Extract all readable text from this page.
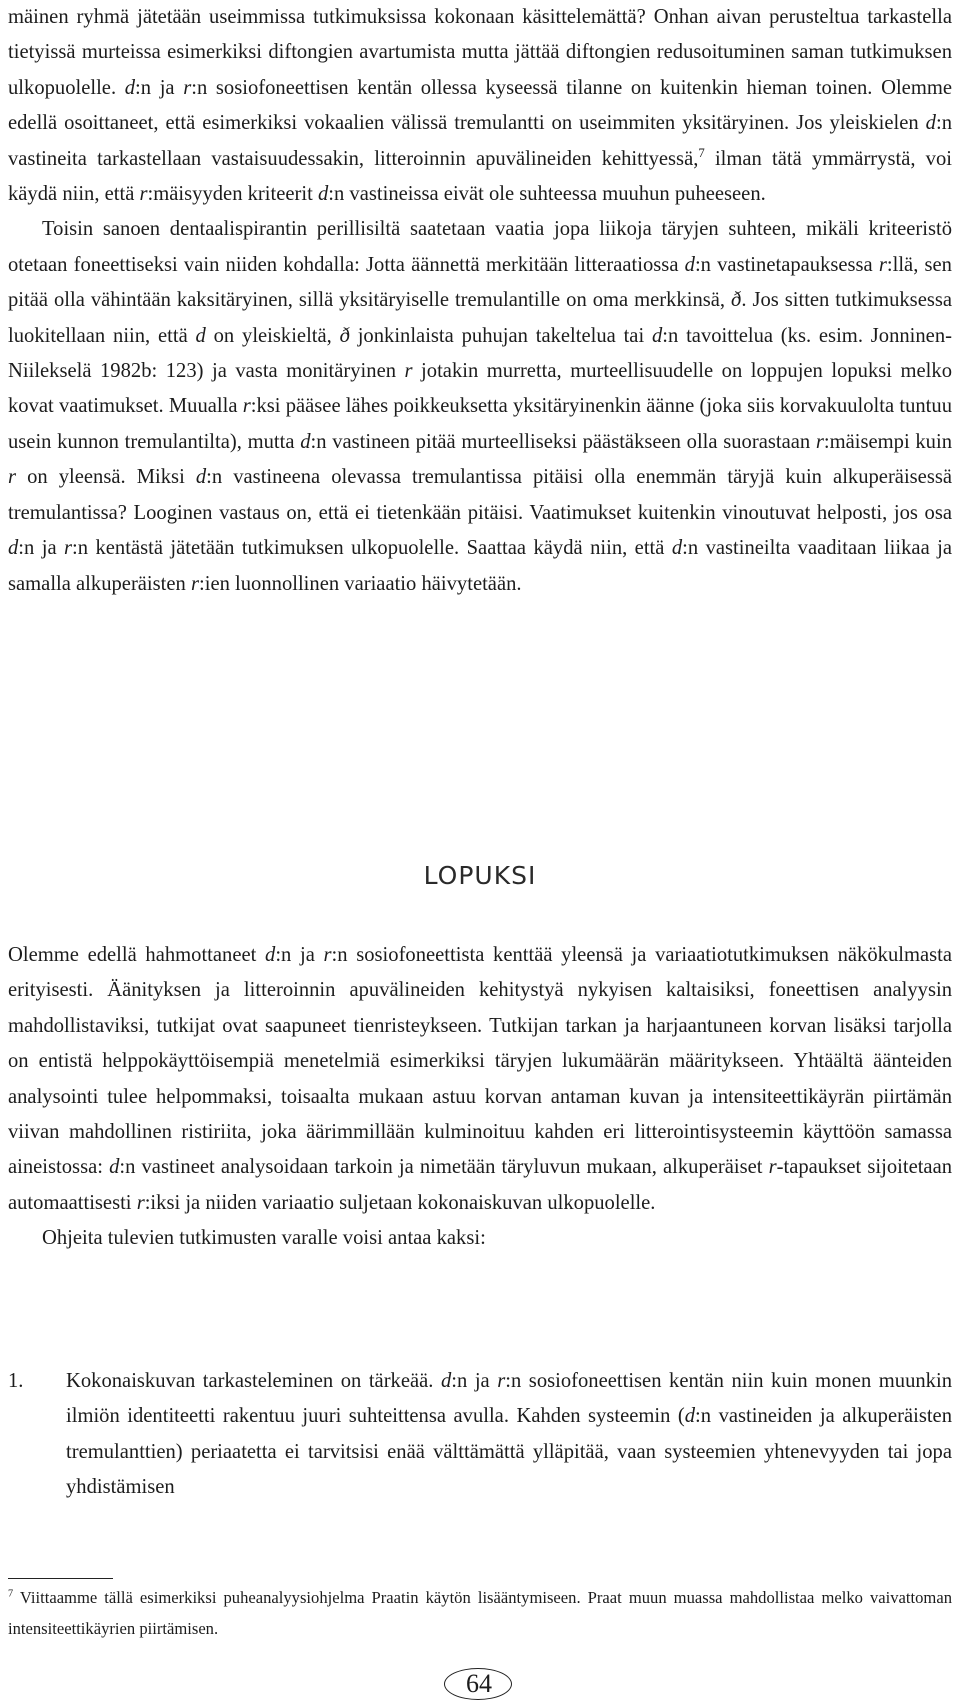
mäinen ryhmä jätetään useimmissa tutkimuksissa kokonaan käsittelemättä? Onhan aivan perusteltua tarkastella tietyissä murteissa esimerkiksi diftongien avartumista mutta jättää diftongien redusoituminen saman tutkimuksen ulkopuolelle. d:n ja r:n sosiofoneettisen kentän ollessa kyseessä tilanne on kuitenkin hieman toinen. Olemme edellä osoittaneet, että esimerkiksi vokaalien välissä tremulantti on useimmiten yksitäryinen. Jos yleiskielen d:n vastineita tarkastellaan vastaisuudessakin, litteroinnin apuvälineiden kehittyessä,$^7$ ilman tätä ymmärrystä, voi käydä niin, että r:mäisyyden kriteerit d:n vastineissa eivät ole suhteessa muuhun puheeseen.

Toisin sanoen dentaalispirantin perillisiltä saatetaan vaatia jopa liikoja täryjen suhteen, mikäli kriteeristö otetaan foneettiseksi vain niiden kohdalla: Jotta äännettä merkitään litteraatiossa d:n vastinetapauksessa r:llä, sen pitää olla vähintään kaksitäryinen, sillä yksitäryiselle tremulantille on oma merkkinsä, ð. Jos sitten tutkimuksessa luokitellaan niin, että d on yleiskieltä, ð jonkinlaista puhujan takeltelua tai d:n tavoittelua (ks. esim. Jonninen-Niilekselä 1982b: 123) ja vasta monitäryinen r jotakin murretta, murteellisuudelle on loppujen lopuksi melko kovat vaatimukset. Muualla r:ksi pääsee lähes poikkeuksetta yksitäryinenkin äänne (joka siis korvakuulolta tuntuu usein kunnon tremulantilta), mutta d:n vastineen pitää murteelliseksi päästäkseen olla suorastaan r:mäisempi kuin r on yleensä. Miksi d:n vastineena olevassa tremulantissa pitäisi olla enemmän täryjä kuin alkuperäisessä tremulantissa? Looginen vastaus on, että ei tietenkään pitäisi. Vaatimukset kuitenkin vinoutuvat helposti, jos osa d:n ja r:n kentästä jätetään tutkimuksen ulkopuolelle. Saattaa käydä niin, että d:n vastineilta vaaditaan liikaa ja samalla alkuperäisten r:ien luonnollinen variaatio häivytetään.

LOPUKSI

Olemme edellä hahmottaneet d:n ja r:n sosiofoneettista kenttää yleensä ja variaatiotutkimuksen näkökulmasta erityisesti. Äänityksen ja litteroinnin apuvälineiden kehitystyä nykyisen kaltaisiksi, foneettisen analyysin mahdollistaviksi, tutkijat ovat saapuneet tienristeykseen. Tutkijan tarkan ja harjaantuneen korvan lisäksi tarjolla on entistä helppokäyttöisempiä menetelmiä esimerkiksi täryjen lukumäärän määritykseen. Yhtäältä äänteiden analysointi tulee helpommaksi, toisaalta mukaan astuu korvan antaman kuvan ja intensiteettikäyrän piirtämän viivan mahdollinen ristiriita, joka äärimmillään kulminoituu kahden eri litterointisysteemin käyttöön samassa aineistossa: d:n vastineet analysoidaan tarkoin ja nimetään täryluvun mukaan, alkuperäiset r-tapaukset sijoitetaan automaattisesti r:iksi ja niiden variaatio suljetaan kokonaiskuvan ulkopuolelle.

Ohjeita tulevien tutkimusten varalle voisi antaa kaksi:

1.	Kokonaiskuvan tarkasteleminen on tärkeää. d:n ja r:n sosiofoneettisen kentän niin kuin monen muunkin ilmiön identiteetti rakentuu juuri suhteittensa avulla. Kahden systeemin (d:n vastineiden ja alkuperäisten tremulanttien) periaatetta ei tarvitsisi enää välttämättä ylläpitää, vaan systeemien yhtenevyyden tai jopa yhdistämisen
$^7$ Viittaamme tällä esimerkiksi puheanalyysiohjelma Praatin käytön lisääntymiseen. Praat muun muassa mahdollistaa melko vaivattoman intensiteettikäyrien piirtämisen.
64
